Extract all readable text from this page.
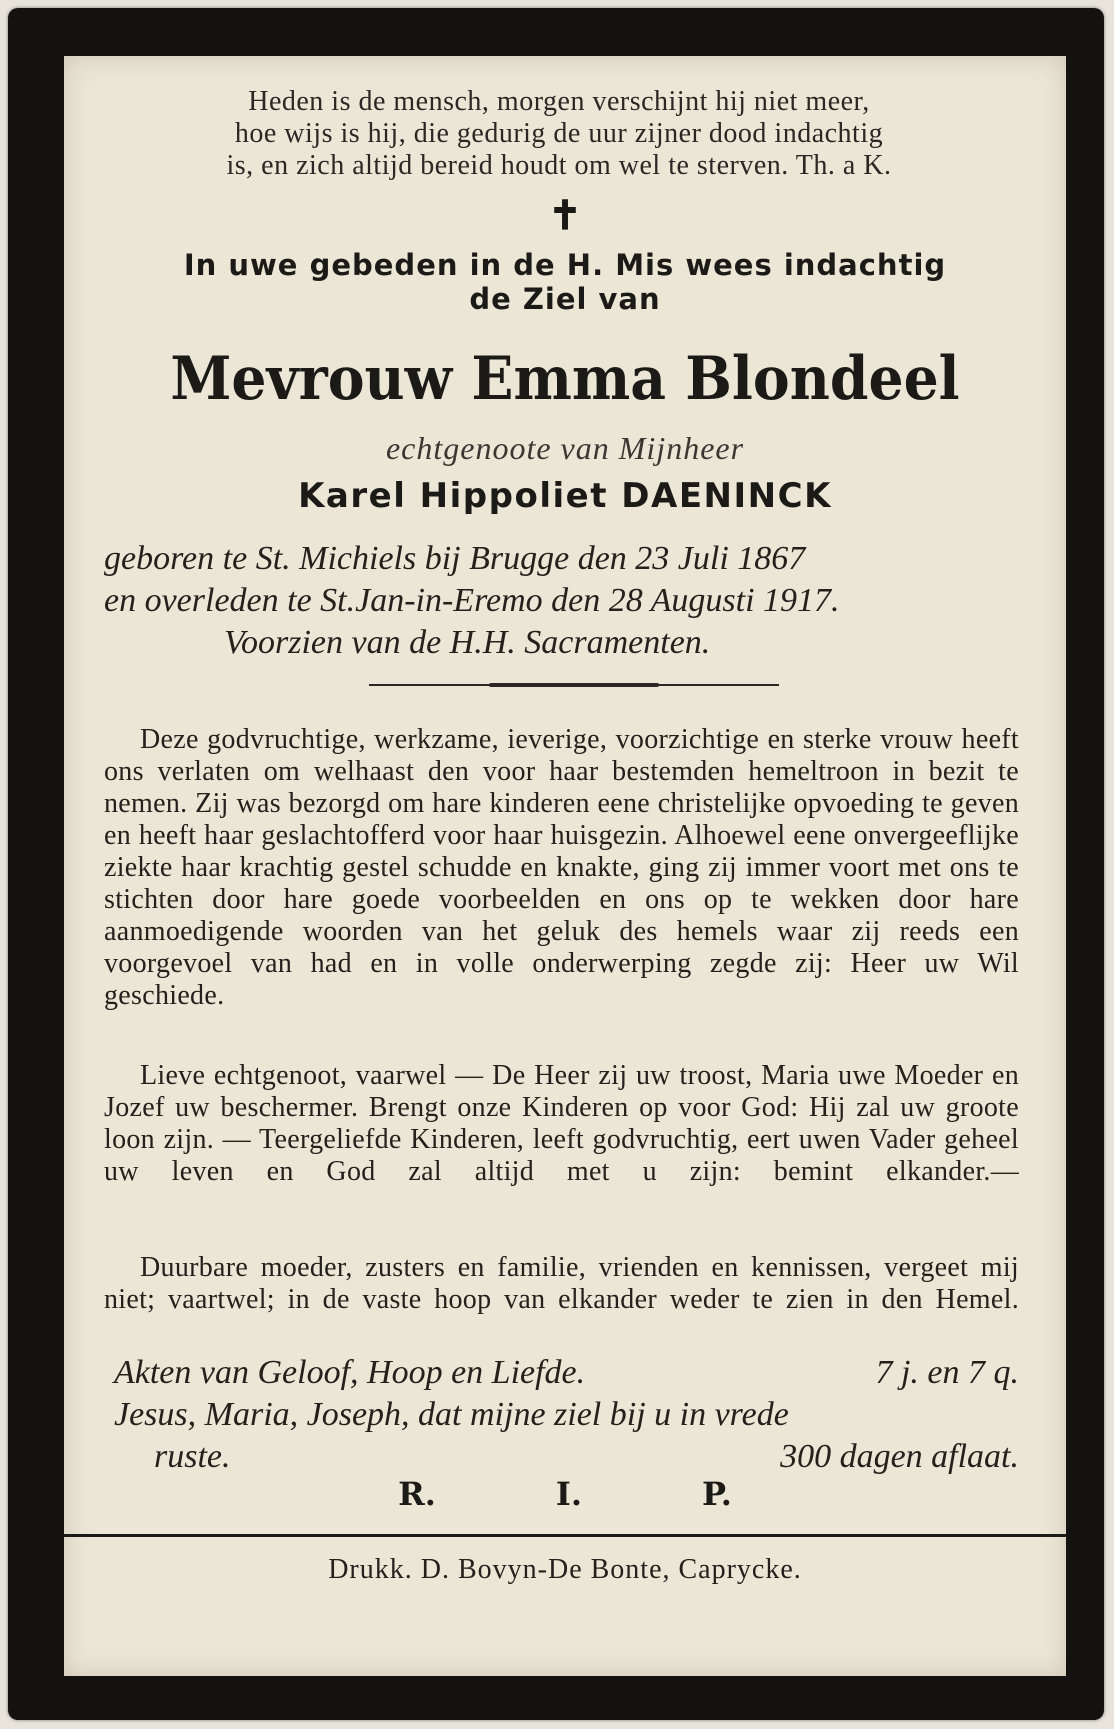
Heden is de mensch, morgen verschijnt hij niet meer,
hoe wijs is hij, die gedurig de uur zijner dood indachtig
is, en zich altijd bereid houdt om wel te sterven. Th. a K.
✝
In uwe gebeden in de H. Mis wees indachtig
de Ziel van
Mevrouw Emma Blondeel
echtgenoote van Mijnheer
Karel Hippoliet DAENINCK
geboren te St. Michiels bij Brugge den 23 Juli 1867
en overleden te St.Jan-in-Eremo den 28 Augusti 1917.
Voorzien van de H.H. Sacramenten.
Deze godvruchtige, werkzame, ieverige, voorzichtige en sterke vrouw heeft ons verlaten om welhaast den voor haar bestemden hemeltroon in bezit te nemen. Zij was bezorgd om hare kinderen eene christelijke opvoeding te geven en heeft haar geslachtofferd voor haar huisgezin. Alhoewel eene onvergeeflijke ziekte haar krachtig gestel schudde en knakte, ging zij immer voort met ons te stichten door hare goede voorbeelden en ons op te wekken door hare aanmoedigende woorden van het geluk des hemels waar zij reeds een voorgevoel van had en in volle onderwerping zegde zij: Heer uw Wil geschiede.
Lieve echtgenoot, vaarwel — De Heer zij uw troost, Maria uwe Moeder en Jozef uw beschermer. Brengt onze Kinderen op voor God: Hij zal uw groote loon zijn. — Teergeliefde Kinderen, leeft godvruchtig, eert uwen Vader geheel uw leven en God zal altijd met u zijn: bemint elkander.—
Duurbare moeder, zusters en familie, vrienden en kennissen, vergeet mij niet; vaartwel; in de vaste hoop van elkander weder te zien in den Hemel.
Akten van Geloof, Hoop en Liefde.	7 j. en 7 q.
Jesus, Maria, Joseph, dat mijne ziel bij u in vrede
ruste.	300 dagen aflaat.
R.	I.	P.
Drukk. D. Bovyn-De Bonte, Caprycke.
